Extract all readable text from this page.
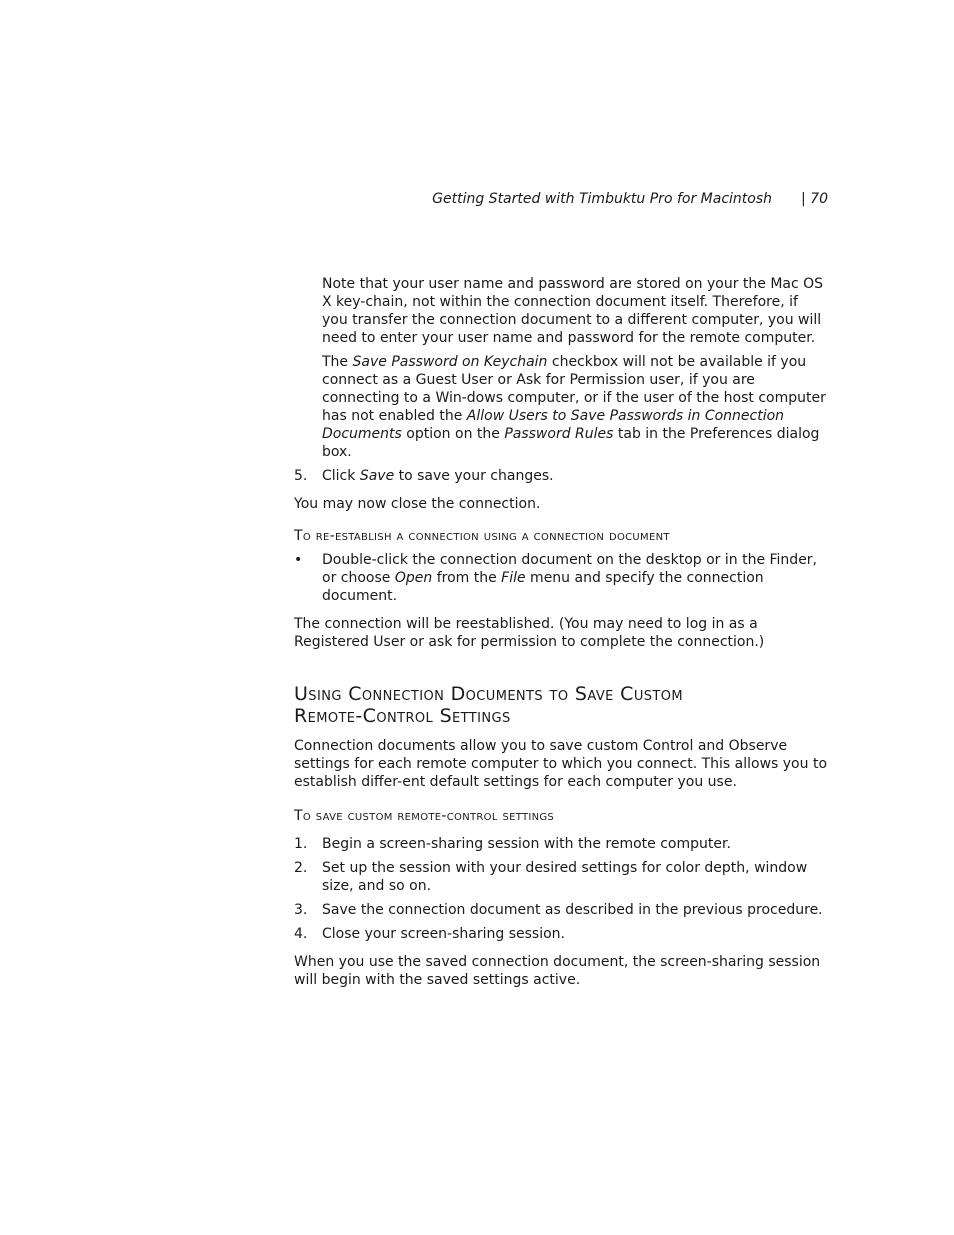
Getting Started with Timbuktu Pro for Macintosh | 70

Note that your user name and password are stored on your the Mac OS X key-chain, not within the connection document itself. Therefore, if you transfer the connection document to a different computer, you will need to enter your user name and password for the remote computer.

The Save Password on Keychain checkbox will not be available if you connect as a Guest User or Ask for Permission user, if you are connecting to a Win-dows computer, or if the user of the host computer has not enabled the Allow Users to Save Passwords in Connection Documents option on the Password Rules tab in the Preferences dialog box.

5. Click Save to save your changes.

You may now close the connection.

To re-establish a connection using a connection document

• Double-click the connection document on the desktop or in the Finder, or choose Open from the File menu and specify the connection document.

The connection will be reestablished. (You may need to log in as a Registered User or ask for permission to complete the connection.)

Using Connection Documents to Save Custom
Remote-Control Settings

Connection documents allow you to save custom Control and Observe settings for each remote computer to which you connect. This allows you to establish differ-ent default settings for each computer you use.

To save custom remote-control settings

1. Begin a screen-sharing session with the remote computer.
2. Set up the session with your desired settings for color depth, window size, and so on.
3. Save the connection document as described in the previous procedure.
4. Close your screen-sharing session.

When you use the saved connection document, the screen-sharing session will begin with the saved settings active.
